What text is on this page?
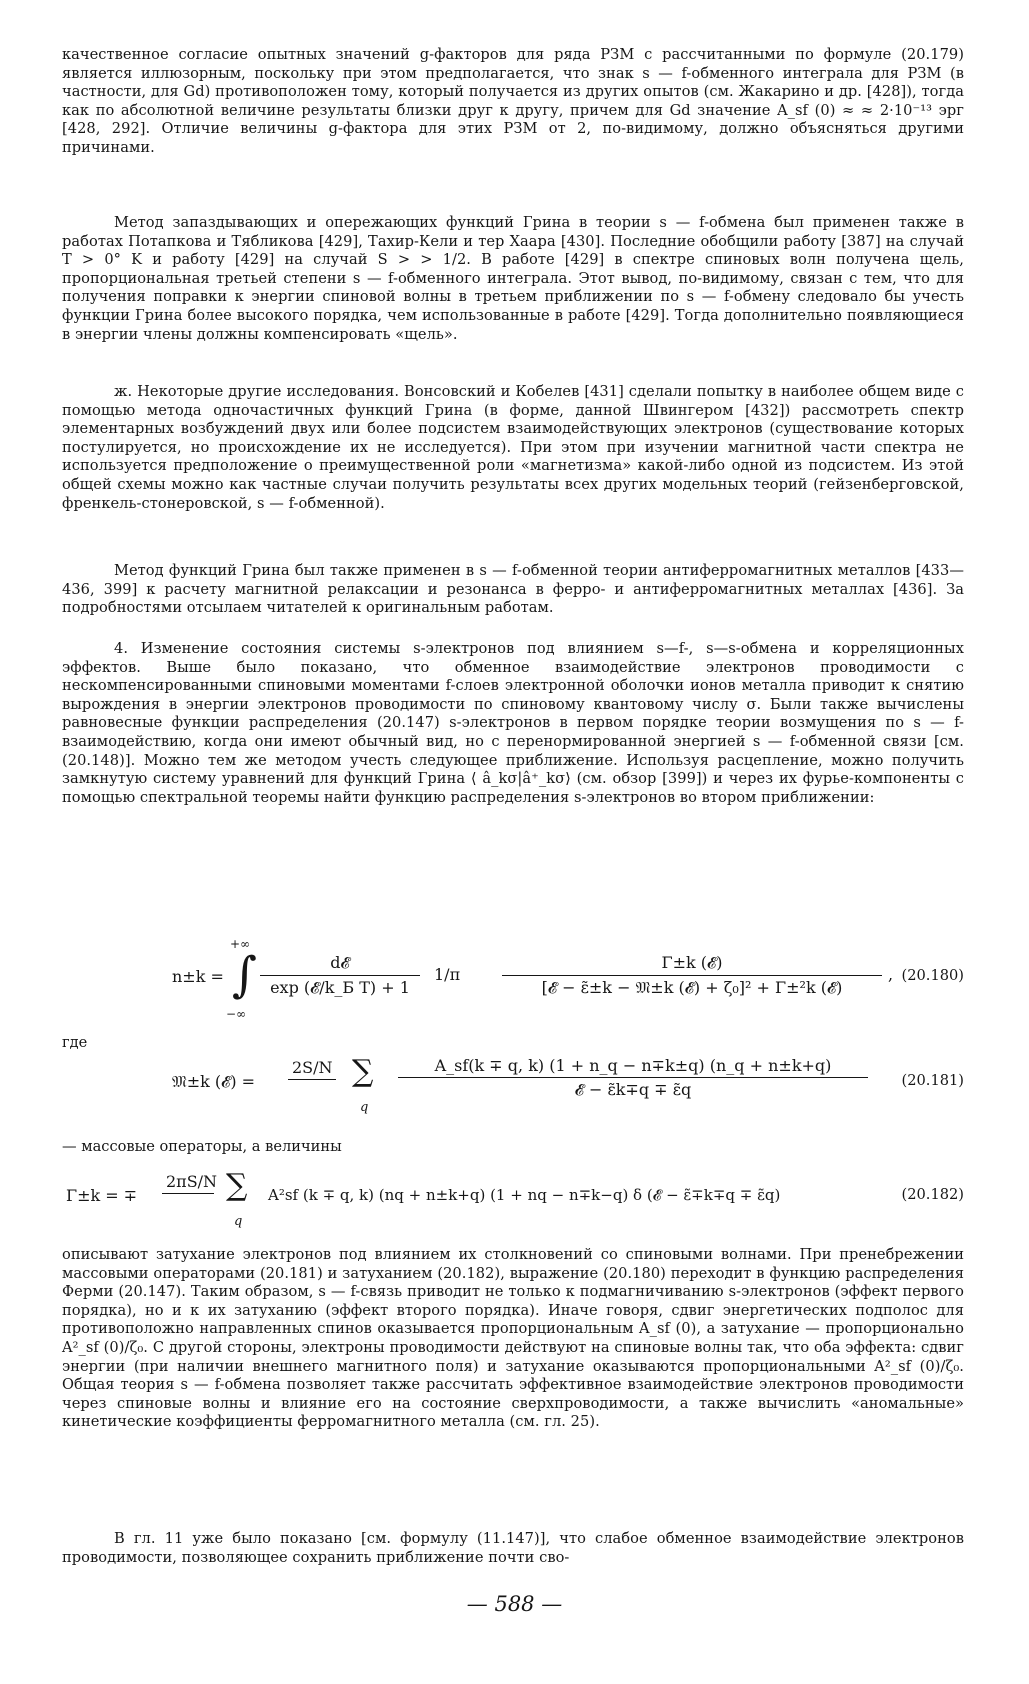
качественное согласие опытных значений g-факторов для ряда РЗМ с рассчитанными по формуле (20.179) является иллюзорным, поскольку при этом предполагается, что знак s — f-обменного интеграла для РЗМ (в частности, для Gd) противоположен тому, который получается из других опытов (см. Жакарино и др. [428]), тогда как по абсолютной величине результаты близки друг к другу, причем для Gd значение A_sf (0) ≈ ≈ 2·10⁻¹³ эрг [428, 292]. Отличие величины g-фактора для этих РЗМ от 2, по-видимому, должно объясняться другими причинами.

Метод запаздывающих и опережающих функций Грина в теории s — f-обмена был применен также в работах Потапкова и Тябликова [429], Тахир-Кели и тер Хаара [430]. Последние обобщили работу [387] на случай T > 0° K и работу [429] на случай S > > 1/2. В работе [429] в спектре спиновых волн получена щель, пропорциональная третьей степени s — f-обменного интеграла. Этот вывод, по-видимому, связан с тем, что для получения поправки к энергии спиновой волны в третьем приближении по s — f-обмену следовало бы учесть функции Грина более высокого порядка, чем использованные в работе [429]. Тогда дополнительно появляющиеся в энергии члены должны компенсировать «щель».

ж. Некоторые другие исследования. Вонсовский и Кобелев [431] сделали попытку в наиболее общем виде с помощью метода одночастичных функций Грина (в форме, данной Швингером [432]) рассмотреть спектр элементарных возбуждений двух или более подсистем взаимодействующих электронов (существование которых постулируется, но происхождение их не исследуется). При этом при изучении магнитной части спектра не используется предположение о преимущественной роли «магнетизма» какой-либо одной из подсистем. Из этой общей схемы можно как частные случаи получить результаты всех других модельных теорий (гейзенберговской, френкель-стонеровской, s — f-обменной).

Метод функций Грина был также применен в s — f-обменной теории антиферромагнитных металлов [433—436, 399] к расчету магнитной релаксации и резонанса в ферро- и антиферромагнитных металлах [436]. За подробностями отсылаем читателей к оригинальным работам.

4. Изменение состояния системы s-электронов под влиянием s—f-, s—s-обмена и корреляционных эффектов. Выше было показано, что обменное взаимодействие электронов проводимости с нескомпенсированными спиновыми моментами f-слоев электронной оболочки ионов металла приводит к снятию вырождения в энергии электронов проводимости по спиновому квантовому числу σ. Были также вычислены равновесные функции распределения (20.147) s-электронов в первом порядке теории возмущения по s — f-взаимодействию, когда они имеют обычный вид, но с перенормированной энергией s — f-обменной связи [см. (20.148)]. Можно тем же методом учесть следующее приближение. Используя расцепление, можно получить замкнутую систему уравнений для функций Грина ⟨ â_kσ|â⁺_kσ⟩ (см. обзор [399]) и через их фурье-компоненты с помощью спектральной теоремы найти функцию распределения s-электронов во втором приближении:

n±k =
+∞
∫
−∞
d𝓔
exp (𝓔/k_Б T) + 1
1/π
Γ±k (𝓔)
[𝓔 − ε̃±k − 𝔐±k (𝓔) + ζ₀]² + Γ±²k (𝓔)
, (20.180)
где
𝔐±k (𝓔) =
2S/N ∑
q
A_sf(k ∓ q, k) (1 + n_q − n∓k±q) (n_q + n±k+q)
𝓔 − ε̃k∓q ∓ ε̃q	(20.181)
— массовые операторы, а величины
Γ±k = ∓
2πS/N ∑
q
A²sf (k ∓ q, k) (nq + n±k+q) (1 + nq − n∓k−q) δ (𝓔 − ε̃∓k∓q ∓ ε̃q)	(20.182)

описывают затухание электронов под влиянием их столкновений со спиновыми волнами. При пренебрежении массовыми операторами (20.181) и затуханием (20.182), выражение (20.180) переходит в функцию распределения Ферми (20.147). Таким образом, s — f-связь приводит не только к подмагничиванию s-электронов (эффект первого порядка), но и к их затуханию (эффект второго порядка). Иначе говоря, сдвиг энергетических подполос для противоположно направленных спинов оказывается пропорциональным A_sf (0), а затухание — пропорционально A²_sf (0)/ζ₀. С другой стороны, электроны проводимости действуют на спиновые волны так, что оба эффекта: сдвиг энергии (при наличии внешнего магнитного поля) и затухание оказываются пропорциональными A²_sf (0)/ζ₀. Общая теория s — f-обмена позволяет также рассчитать эффективное взаимодействие электронов проводимости через спиновые волны и влияние его на состояние сверхпроводимости, а также вычислить «аномальные» кинетические коэффициенты ферромагнитного металла (см. гл. 25).

В гл. 11 уже было показано [см. формулу (11.147)], что слабое обменное взаимодействие электронов проводимости, позволяющее сохранить приближение почти сво-

— 588 —
